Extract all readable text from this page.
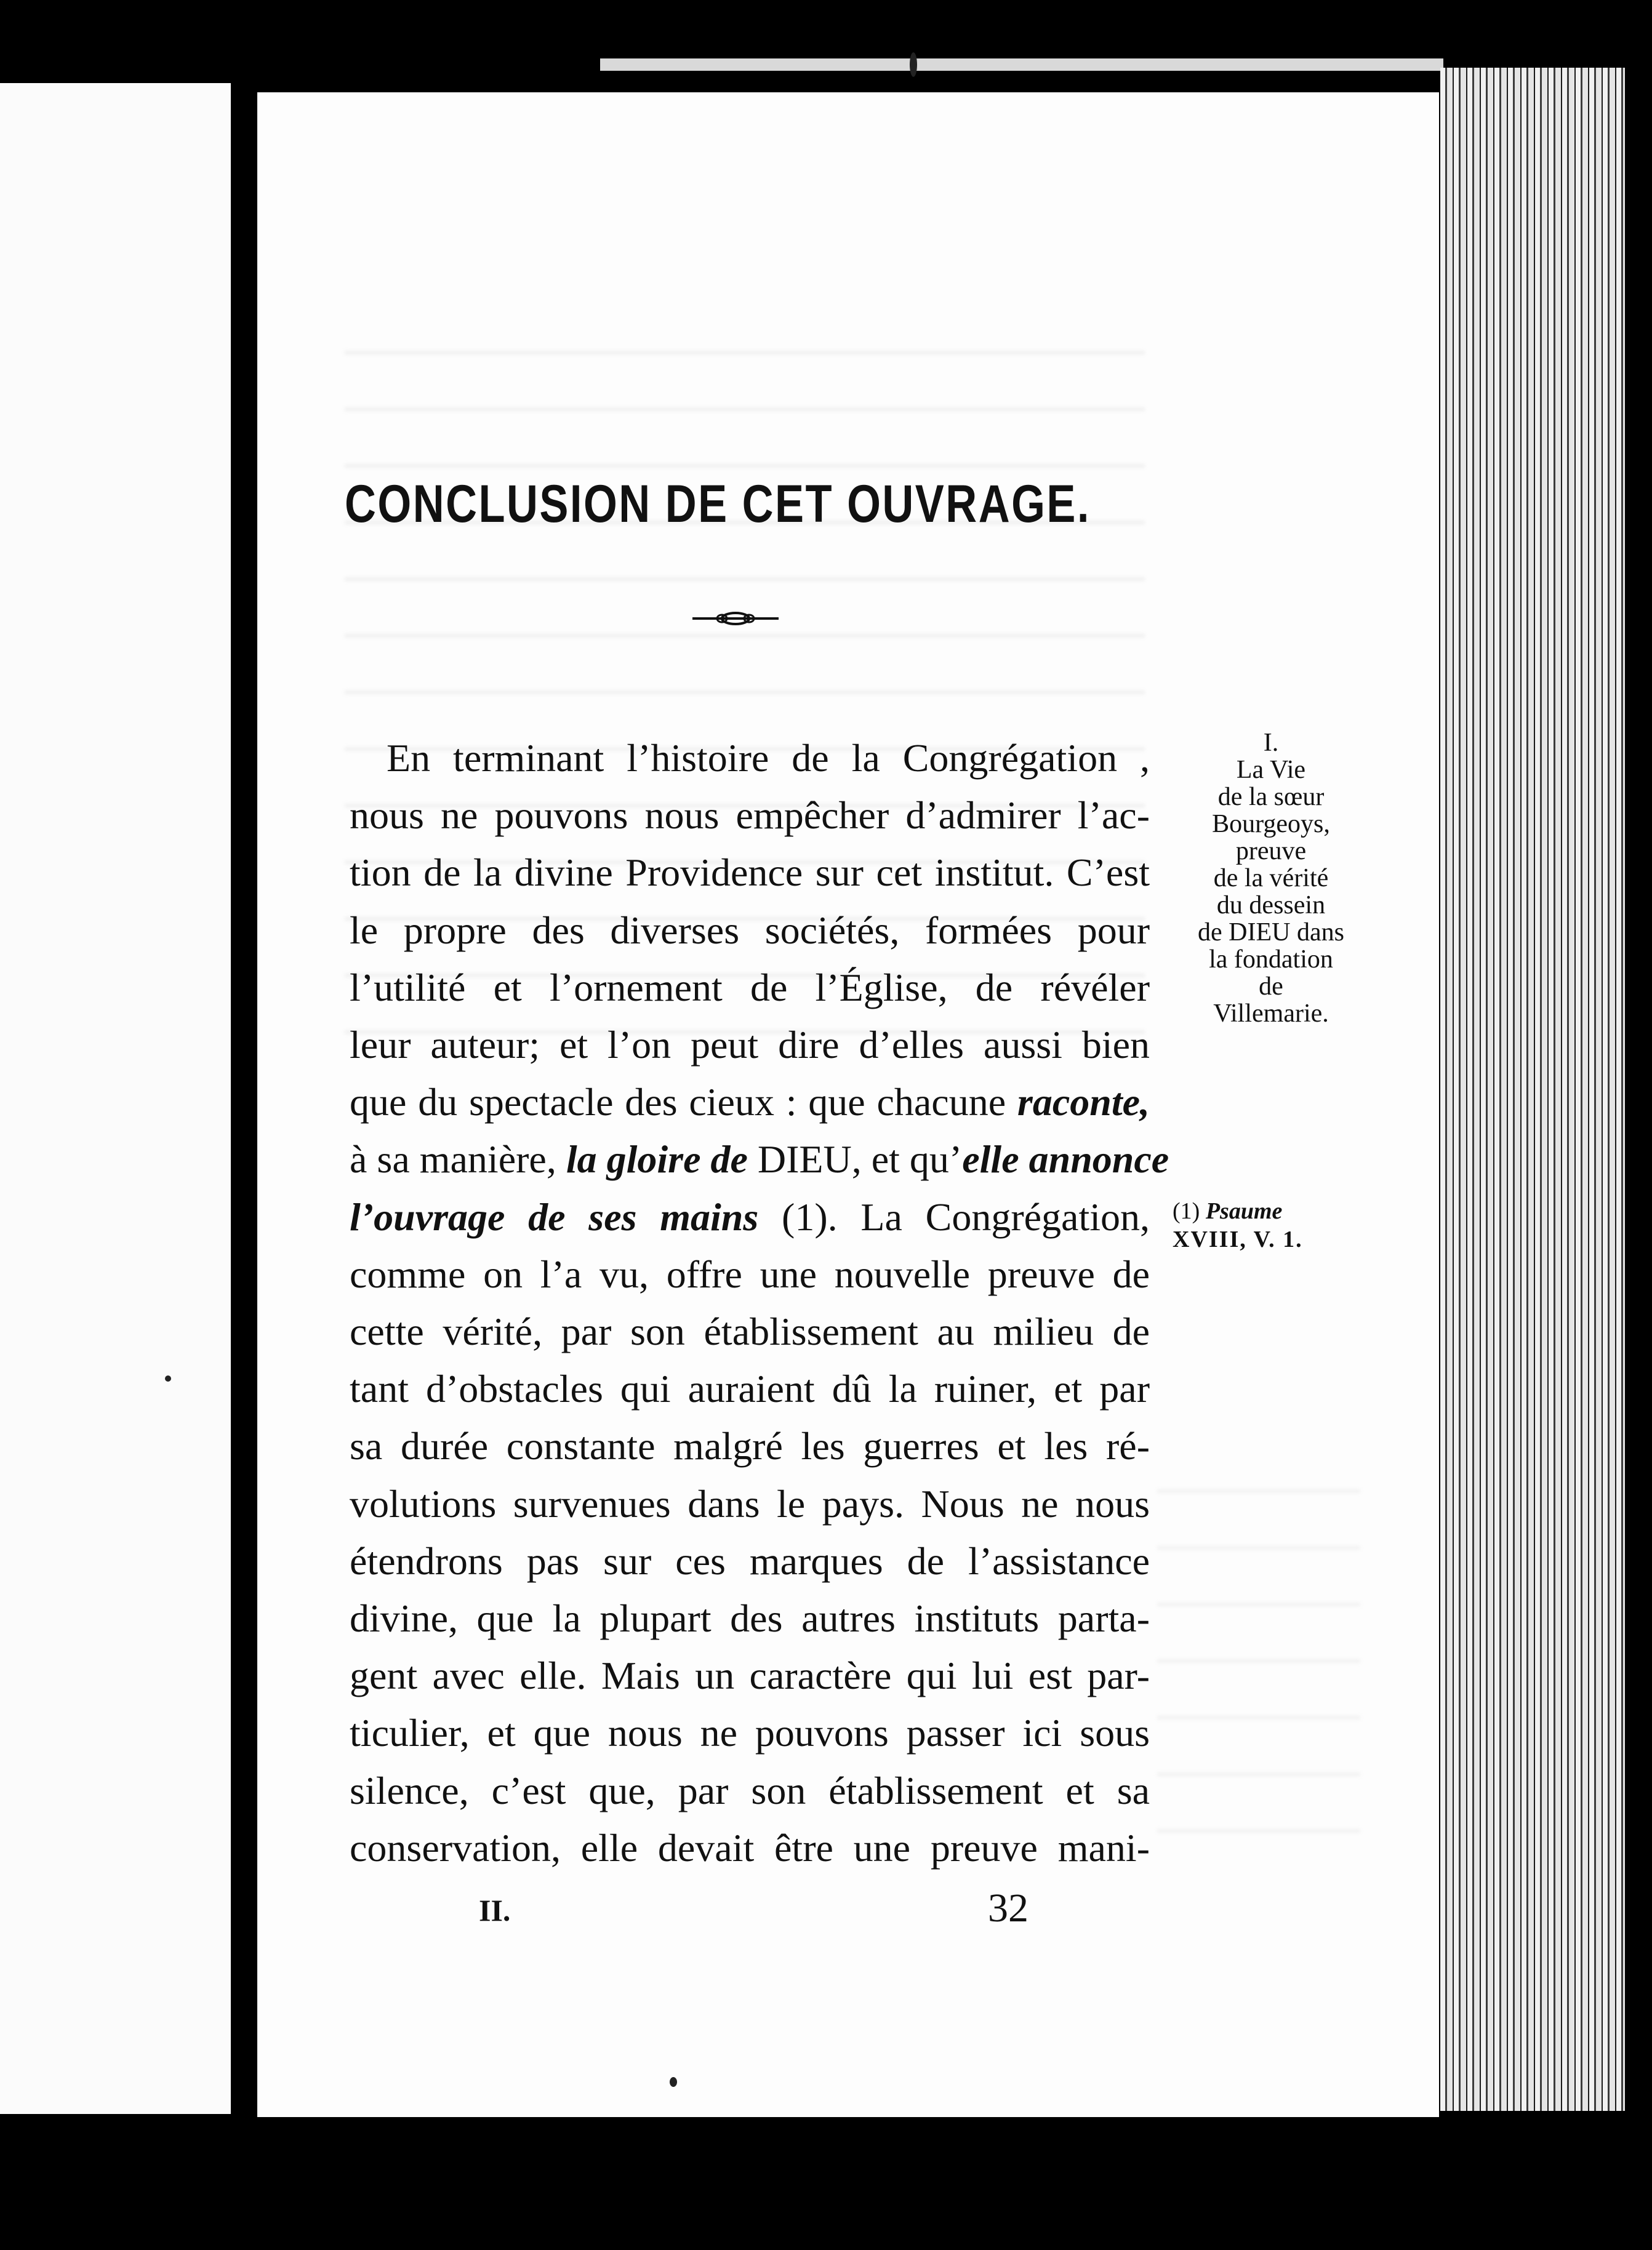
CONCLUSION DE CET OUVRAGE.
En terminant l’histoire de la Congrégation ,
nous ne pouvons nous empêcher d’admirer l’ac-
tion de la divine Providence sur cet institut. C’est
le propre des diverses sociétés, formées pour
l’utilité et l’ornement de l’Église, de révéler
leur auteur; et l’on peut dire d’elles aussi bien
que du spectacle des cieux : que chacune raconte,
à sa manière, la gloire de DIEU, et qu’elle annonce
l’ouvrage de ses mains (1). La Congrégation,
comme on l’a vu, offre une nouvelle preuve de
cette vérité, par son établissement au milieu de
tant d’obstacles qui auraient dû la ruiner, et par
sa durée constante malgré les guerres et les ré-
volutions survenues dans le pays. Nous ne nous
étendrons pas sur ces marques de l’assistance
divine, que la plupart des autres instituts parta-
gent avec elle. Mais un caractère qui lui est par-
ticulier, et que nous ne pouvons passer ici sous
silence, c’est que, par son établissement et sa
conservation, elle devait être une preuve mani-
I.
La Vie
de la sœur
Bourgeoys,
preuve
de la vérité
du dessein
de DIEU dans
la fondation
de
Villemarie.
(1) Psaume
XVIII, V. 1.
II.	32
